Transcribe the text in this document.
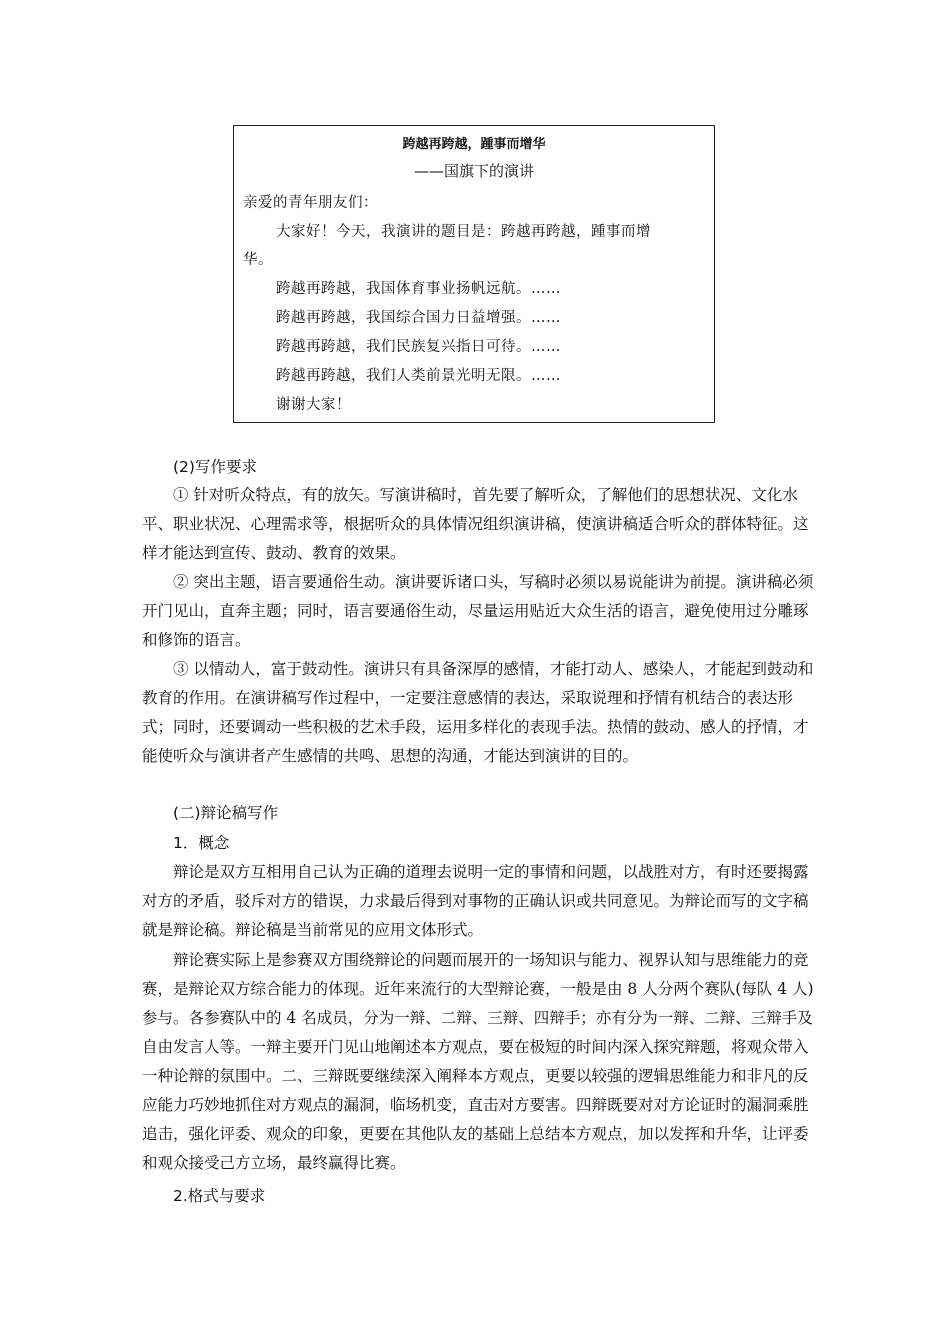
跨越再跨越，踵事而增华
——国旗下的演讲
亲爱的青年朋友们：
大家好！今天，我演讲的题目是：跨越再跨越，踵事而增
华。
跨越再跨越，我国体育事业扬帆远航。……
跨越再跨越，我国综合国力日益增强。……
跨越再跨越，我们民族复兴指日可待。……
跨越再跨越，我们人类前景光明无限。……
谢谢大家！
(2)写作要求
① 针对听众特点，有的放矢。写演讲稿时，首先要了解听众，了解他们的思想状况、文化水平、职业状况、心理需求等，根据听众的具体情况组织演讲稿，使演讲稿适合听众的群体特征。这样才能达到宣传、鼓动、教育的效果。
② 突出主题，语言要通俗生动。演讲要诉诸口头，写稿时必须以易说能讲为前提。演讲稿必须开门见山，直奔主题；同时，语言要通俗生动，尽量运用贴近大众生活的语言，避免使用过分雕琢和修饰的语言。
③ 以情动人，富于鼓动性。演讲只有具备深厚的感情，才能打动人、感染人，才能起到鼓动和教育的作用。在演讲稿写作过程中，一定要注意感情的表达，采取说理和抒情有机结合的表达形式；同时，还要调动一些积极的艺术手段，运用多样化的表现手法。热情的鼓动、感人的抒情，才能使听众与演讲者产生感情的共鸣、思想的沟通，才能达到演讲的目的。
(二)辩论稿写作
1．概念
辩论是双方互相用自己认为正确的道理去说明一定的事情和问题，以战胜对方，有时还要揭露对方的矛盾，驳斥对方的错误，力求最后得到对事物的正确认识或共同意见。为辩论而写的文字稿就是辩论稿。辩论稿是当前常见的应用文体形式。
辩论赛实际上是参赛双方围绕辩论的问题而展开的一场知识与能力、视界认知与思维能力的竞赛，是辩论双方综合能力的体现。近年来流行的大型辩论赛，一般是由 8 人分两个赛队(每队 4 人)参与。各参赛队中的 4 名成员，分为一辩、二辩、三辩、四辩手；亦有分为一辩、二辩、三辩手及自由发言人等。一辩主要开门见山地阐述本方观点，要在极短的时间内深入探究辩题，将观众带入一种论辩的氛围中。二、三辩既要继续深入阐释本方观点，更要以较强的逻辑思维能力和非凡的反应能力巧妙地抓住对方观点的漏洞，临场机变，直击对方要害。四辩既要对对方论证时的漏洞乘胜追击，强化评委、观众的印象，更要在其他队友的基础上总结本方观点，加以发挥和升华，让评委和观众接受己方立场，最终赢得比赛。
2.格式与要求
